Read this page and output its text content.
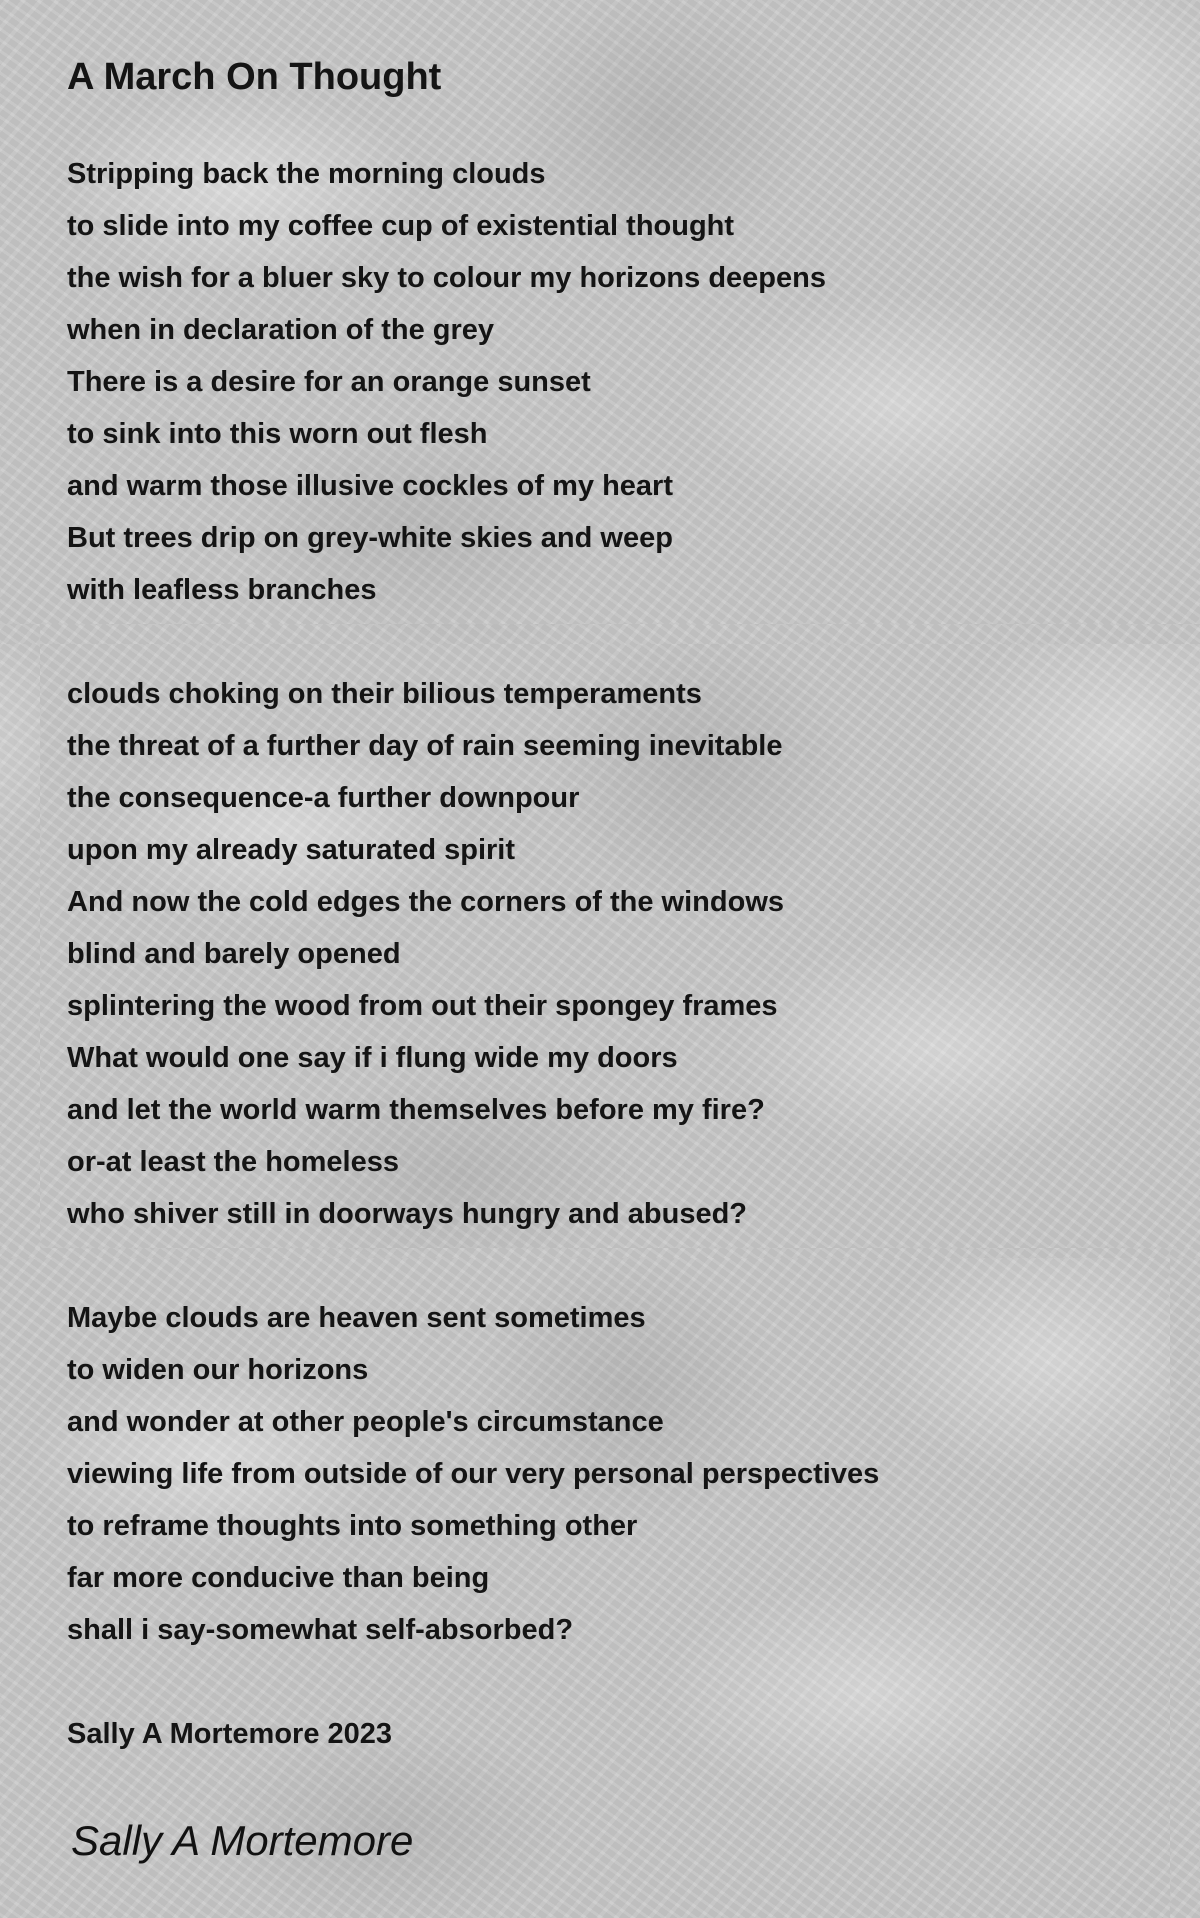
A March On Thought
Stripping back the morning clouds
to slide into my coffee cup of existential thought
the wish for a bluer sky to colour my horizons deepens
when in declaration of the grey
There is a desire for an orange sunset
to sink into this worn out flesh
and warm those illusive cockles of my heart
But trees drip on grey-white skies and weep
with leafless branches
clouds choking on their bilious temperaments
the threat of a further day of rain seeming inevitable
the consequence-a further downpour
upon my already saturated spirit
And now the cold edges the corners of the windows
blind and barely opened
splintering the wood from out their spongey frames
What would one say if i flung wide my doors
and let the world warm themselves before my fire?
or-at least the homeless
who shiver still in doorways hungry and abused?
Maybe clouds are heaven sent sometimes
to widen our horizons
and wonder at other people's circumstance
viewing life from outside of our very personal perspectives
to reframe thoughts into something other
far more conducive than being
shall i say-somewhat self-absorbed?
Sally A Mortemore 2023
Sally A Mortemore
